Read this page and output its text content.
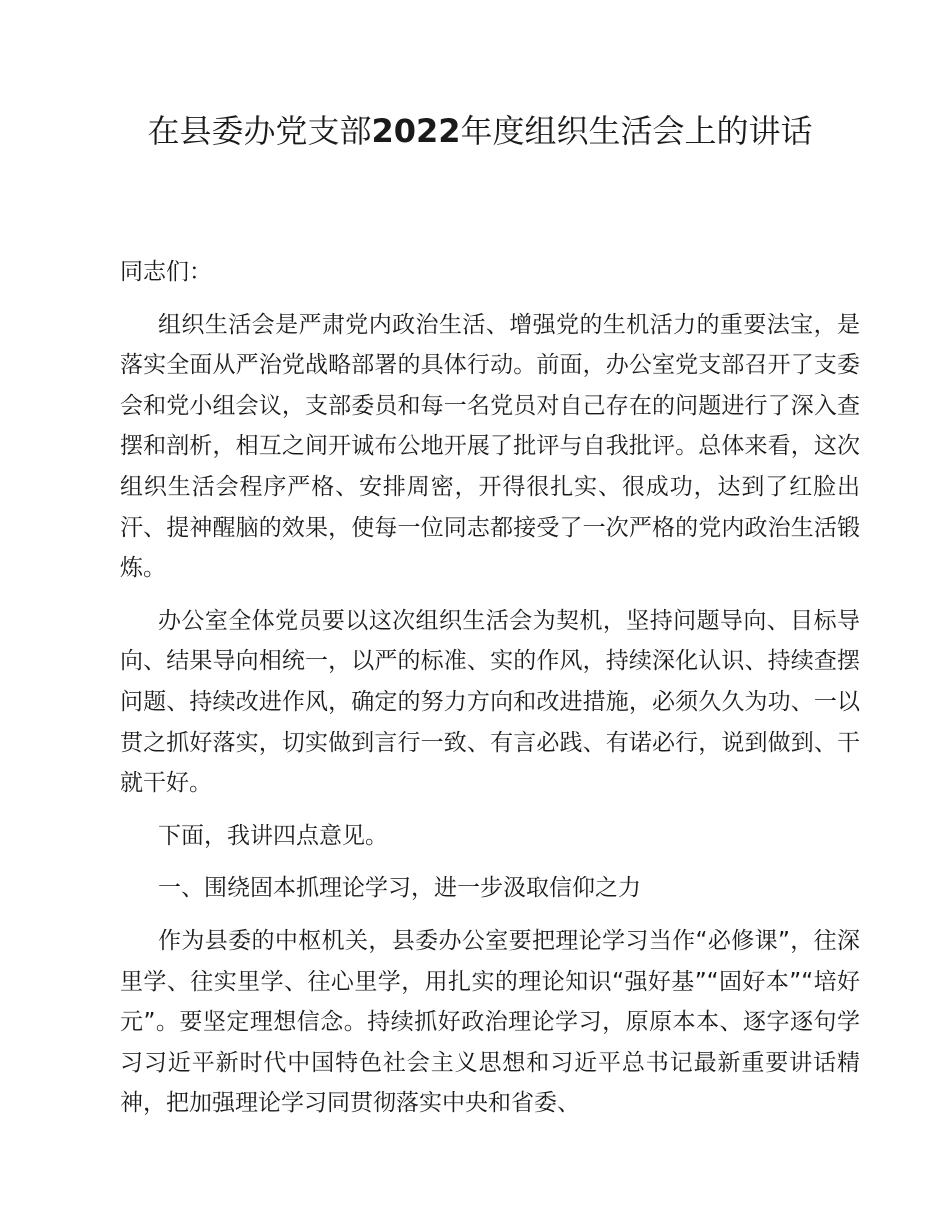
在县委办党支部2022年度组织生活会上的讲话

同志们：

组织生活会是严肃党内政治生活、增强党的生机活力的重要法宝，是落实全面从严治党战略部署的具体行动。前面，办公室党支部召开了支委会和党小组会议，支部委员和每一名党员对自己存在的问题进行了深入查摆和剖析，相互之间开诚布公地开展了批评与自我批评。总体来看，这次组织生活会程序严格、安排周密，开得很扎实、很成功，达到了红脸出汗、提神醒脑的效果，使每一位同志都接受了一次严格的党内政治生活锻炼。

办公室全体党员要以这次组织生活会为契机，坚持问题导向、目标导向、结果导向相统一，以严的标准、实的作风，持续深化认识、持续查摆问题、持续改进作风，确定的努力方向和改进措施，必须久久为功、一以贯之抓好落实，切实做到言行一致、有言必践、有诺必行，说到做到、干就干好。

下面，我讲四点意见。

一、围绕固本抓理论学习，进一步汲取信仰之力

作为县委的中枢机关，县委办公室要把理论学习当作“必修课”，往深里学、往实里学、往心里学，用扎实的理论知识“强好基”“固好本”“培好元”。要坚定理想信念。持续抓好政治理论学习，原原本本、逐字逐句学习习近平新时代中国特色社会主义思想和习近平总书记最新重要讲话精神，把加强理论学习同贯彻落实中央和省委、
